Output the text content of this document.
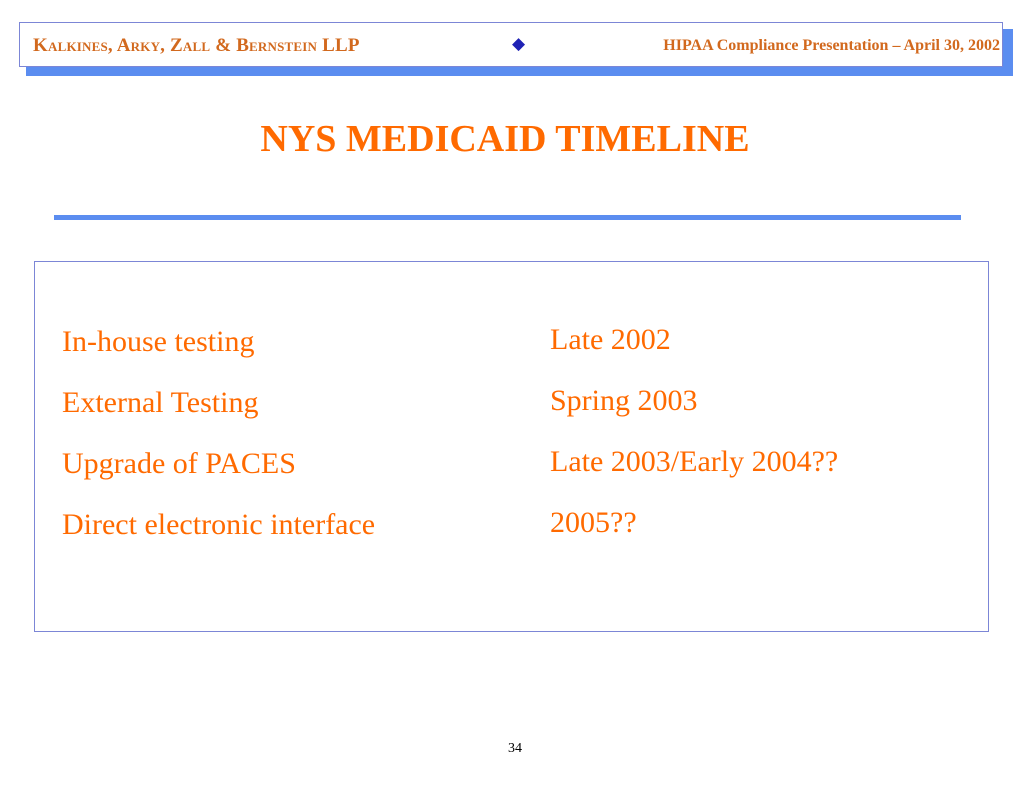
Kalkines, Arky, Zall & Bernstein LLP	◆	HIPAA Compliance Presentation – April 30, 2002
NYS MEDICAID TIMELINE
In-house testing	Late 2002
External Testing	Spring 2003
Upgrade of PACES	Late 2003/Early 2004??
Direct electronic interface	2005??
34
